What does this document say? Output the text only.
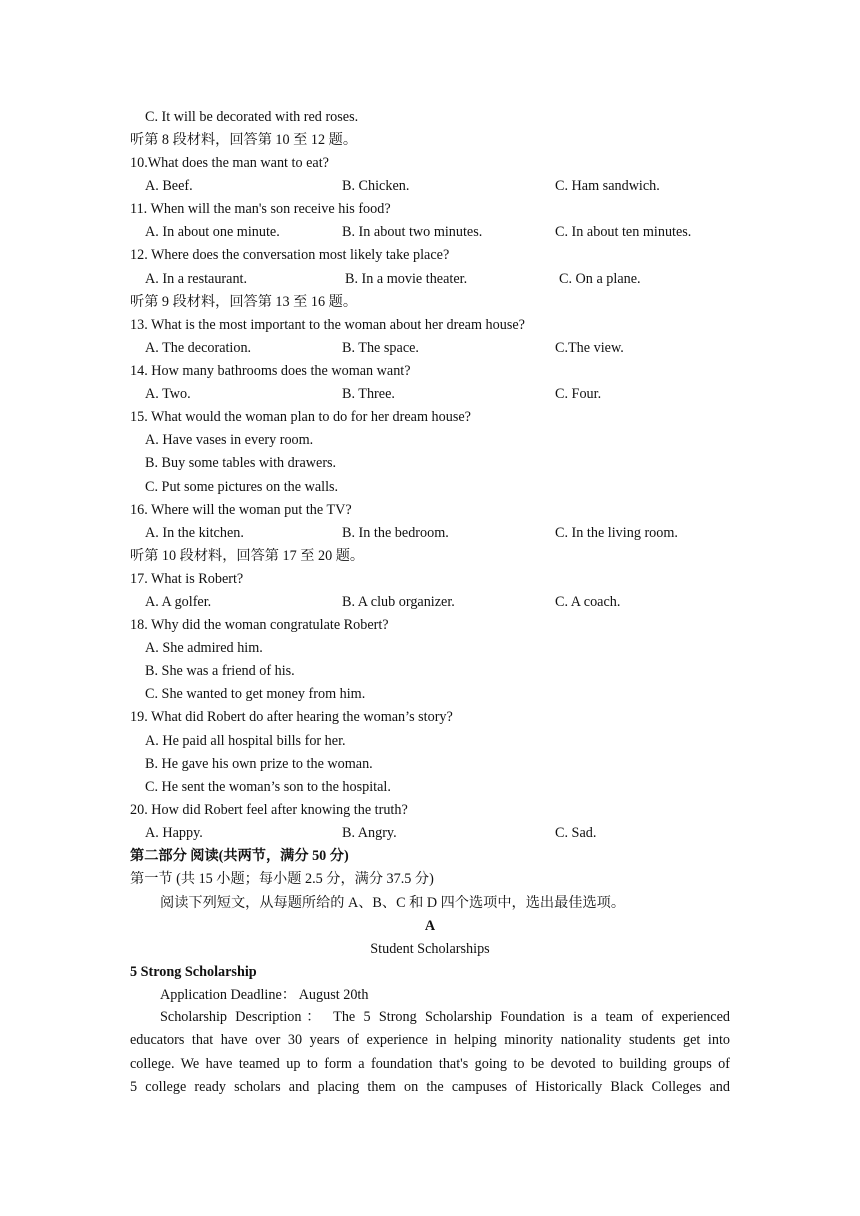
C. It will be decorated with red roses.
听第 8 段材料，回答第 10 至 12 题。
10.What does the man want to eat?
A. Beef.	B. Chicken.	C. Ham sandwich.
11. When will the man's son receive his food?
A. In about one minute.	B. In about two minutes.	C. In about ten minutes.
12. Where does the conversation most likely take place?
A. In a restaurant.	B. In a movie theater.	C. On a plane.
听第 9 段材料，回答第 13 至 16 题。
13. What is the most important to the woman about her dream house?
A. The decoration.	B. The space.	C.The view.
14. How many bathrooms does the woman want?
A. Two.	B. Three.	C. Four.
15. What would the woman plan to do for her dream house?
A. Have vases in every room.
B. Buy some tables with drawers.
C. Put some pictures on the walls.
16. Where will the woman put the TV?
A. In the kitchen.	B. In the bedroom.	C. In the living room.
听第 10 段材料，回答第 17 至 20 题。
17. What is Robert?
A. A golfer.	B. A club organizer.	C. A coach.
18. Why did the woman congratulate Robert?
A. She admired him.
B. She was a friend of his.
C. She wanted to get money from him.
19. What did Robert do after hearing the woman’s story?
A. He paid all hospital bills for her.
B. He gave his own prize to the woman.
C. He sent the woman’s son to the hospital.
20. How did Robert feel after knowing the truth?
A. Happy.	B. Angry.	C. Sad.
第二部分 阅读(共两节，满分 50 分)
第一节 (共 15 小题；每小题 2.5 分，满分 37.5 分)
阅读下列短文，从每题所给的 A、B、C 和 D 四个选项中，选出最佳选项。
A
Student Scholarships
5 Strong Scholarship
Application Deadline： August 20th
Scholarship Description： The 5 Strong Scholarship Foundation is a team of experienced
educators that have over 30 years of experience in helping minority nationality students get into
college. We have teamed up to form a foundation that's going to be devoted to building groups of
5 college ready scholars and placing them on the campuses of Historically Black Colleges and
